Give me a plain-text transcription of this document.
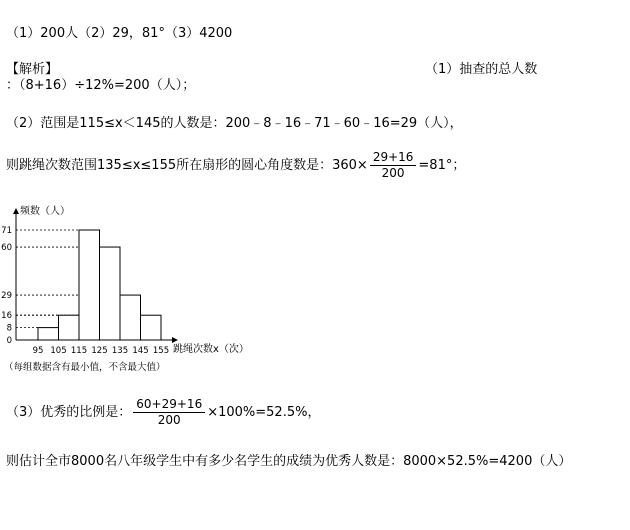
（1）200人（2）29，81°（3）4200
【解析】	（1）抽查的总人数
：（8+16）÷12%=200（人）；
（2）范围是115≤x＜145的人数是：200﹣8﹣16﹣71﹣60﹣16=29（人），
则跳绳次数范围135≤x≤155所在扇形的圆心角度数是：$360\times \frac{29+16}{200} =81^\circ$；
频数（人）
跳绳次数x（次）
0
8
16
29
60
71
95 105 115 125 135 145 155
（每组数据含有最小值，不含最大值）
（3）优秀的比例是： $\frac{60+29+16}{200} \times 100\%=52.5\%$，
则估计全市8000名八年级学生中有多少名学生的成绩为优秀人数是：8000×52.5%=4200（人）
